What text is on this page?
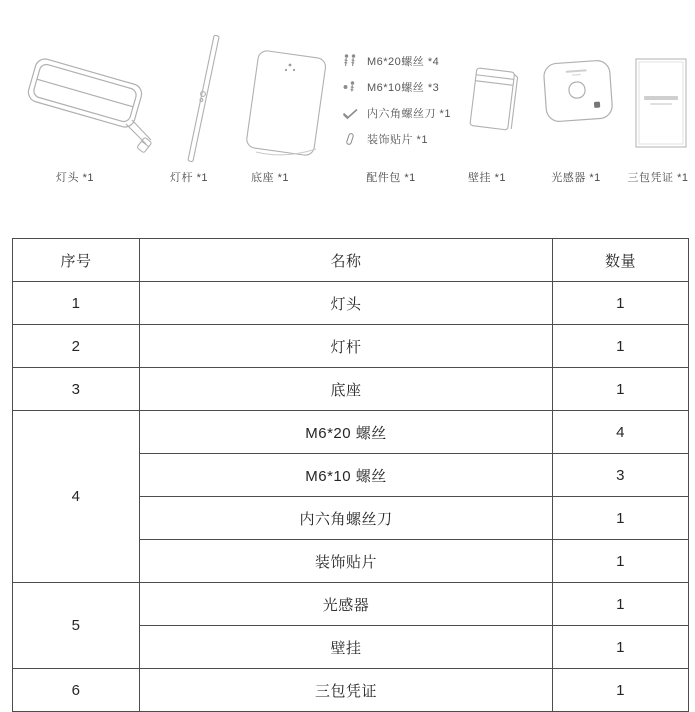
M6*20螺丝 *4
M6*10螺丝 *3
内六角螺丝刀 *1
装饰贴片 *1
灯头 *1	灯杆 *1	底座 *1	配件包 *1	壁挂 *1	光感器 *1	三包凭证 *1
序号	名称	数量
1	灯头	1
2	灯杆	1
3	底座	1
4	M6*20 螺丝	4
	M6*10 螺丝	3
	内六角螺丝刀	1
	装饰贴片	1
5	光感器	1
	壁挂	1
6	三包凭证	1
